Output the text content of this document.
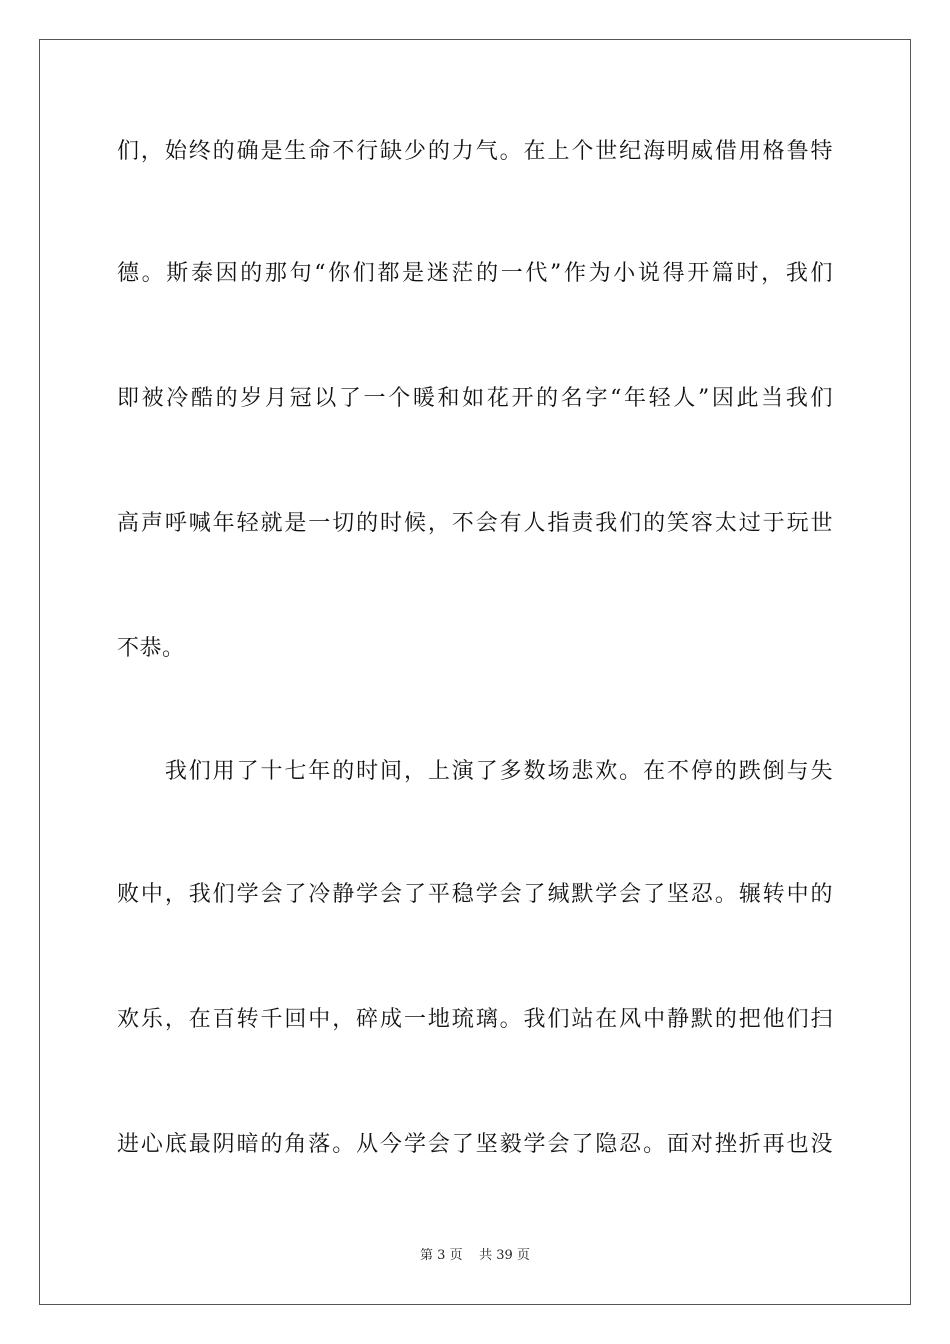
们，始终的确是生命不行缺少的力气。在上个世纪海明威借用格鲁特
德。斯泰因的那句“你们都是迷茫的一代”作为小说得开篇时，我们
即被冷酷的岁月冠以了一个暖和如花开的名字“年轻人”因此当我们
高声呼喊年轻就是一切的时候，不会有人指责我们的笑容太过于玩世
不恭。
　　我们用了十七年的时间，上演了多数场悲欢。在不停的跌倒与失
败中，我们学会了冷静学会了平稳学会了缄默学会了坚忍。辗转中的
欢乐，在百转千回中，碎成一地琉璃。我们站在风中静默的把他们扫
进心底最阴暗的角落。从今学会了坚毅学会了隐忍。面对挫折再也没
第 3 页 共 39 页
